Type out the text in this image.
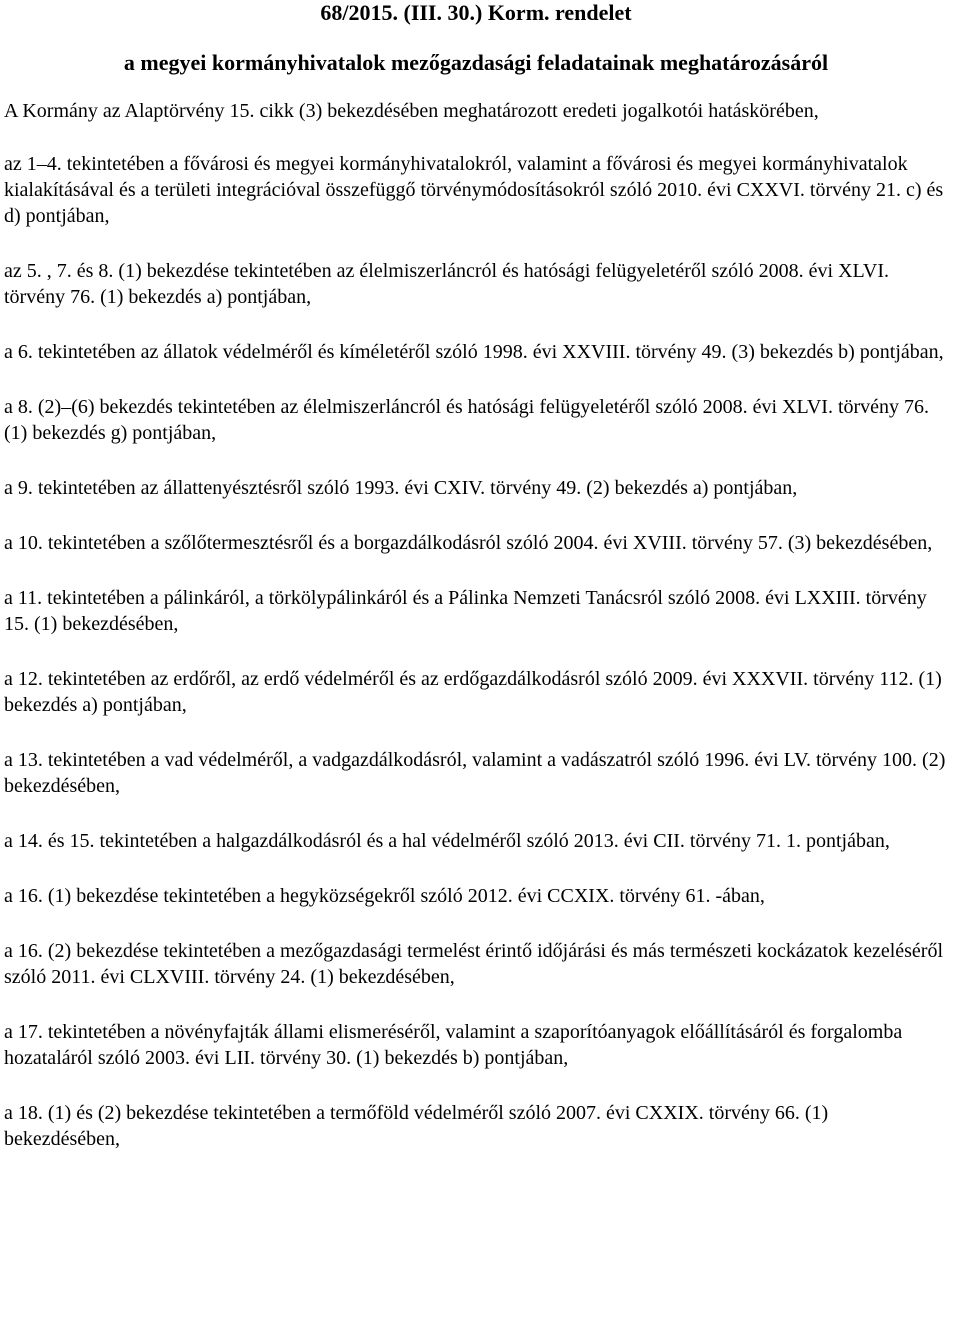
68/2015. (III. 30.) Korm. rendelet

a megyei kormányhivatalok mezőgazdasági feladatainak meghatározásáról

A Kormány az Alaptörvény 15. cikk (3) bekezdésében meghatározott eredeti jogalkotói hatáskörében,

az 1–4. tekintetében a fővárosi és megyei kormányhivatalokról, valamint a fővárosi és megyei kormányhivatalok kialakításával és a területi integrációval összefüggő törvénymódosításokról szóló 2010. évi CXXVI. törvény 21. c) és d) pontjában,

az 5. , 7. és 8. (1) bekezdése tekintetében az élelmiszerláncról és hatósági felügyeletéről szóló 2008. évi XLVI. törvény 76. (1) bekezdés a) pontjában,

a 6. tekintetében az állatok védelméről és kíméletéről szóló 1998. évi XXVIII. törvény 49. (3) bekezdés b) pontjában,

a 8. (2)–(6) bekezdés tekintetében az élelmiszerláncról és hatósági felügyeletéről szóló 2008. évi XLVI. törvény 76. (1) bekezdés g) pontjában,

a 9. tekintetében az állattenyésztésről szóló 1993. évi CXIV. törvény 49. (2) bekezdés a) pontjában,

a 10. tekintetében a szőlőtermesztésről és a borgazdálkodásról szóló 2004. évi XVIII. törvény 57. (3) bekezdésében,

a 11. tekintetében a pálinkáról, a törkölypálinkáról és a Pálinka Nemzeti Tanácsról szóló 2008. évi LXXIII. törvény 15. (1) bekezdésében,

a 12. tekintetében az erdőről, az erdő védelméről és az erdőgazdálkodásról szóló 2009. évi XXXVII. törvény 112. (1) bekezdés a) pontjában,

a 13. tekintetében a vad védelméről, a vadgazdálkodásról, valamint a vadászatról szóló 1996. évi LV. törvény 100. (2) bekezdésében,

a 14. és 15. tekintetében a halgazdálkodásról és a hal védelméről szóló 2013. évi CII. törvény 71. 1. pontjában,

a 16. (1) bekezdése tekintetében a hegyközségekről szóló 2012. évi CCXIX. törvény 61. -ában,

a 16. (2) bekezdése tekintetében a mezőgazdasági termelést érintő időjárási és más természeti kockázatok kezeléséről szóló 2011. évi CLXVIII. törvény 24. (1) bekezdésében,

a 17. tekintetében a növényfajták állami elismeréséről, valamint a szaporítóanyagok előállításáról és forgalomba hozataláról szóló 2003. évi LII. törvény 30. (1) bekezdés b) pontjában,

a 18. (1) és (2) bekezdése tekintetében a termőföld védelméről szóló 2007. évi CXXIX. törvény 66. (1) bekezdésében,
